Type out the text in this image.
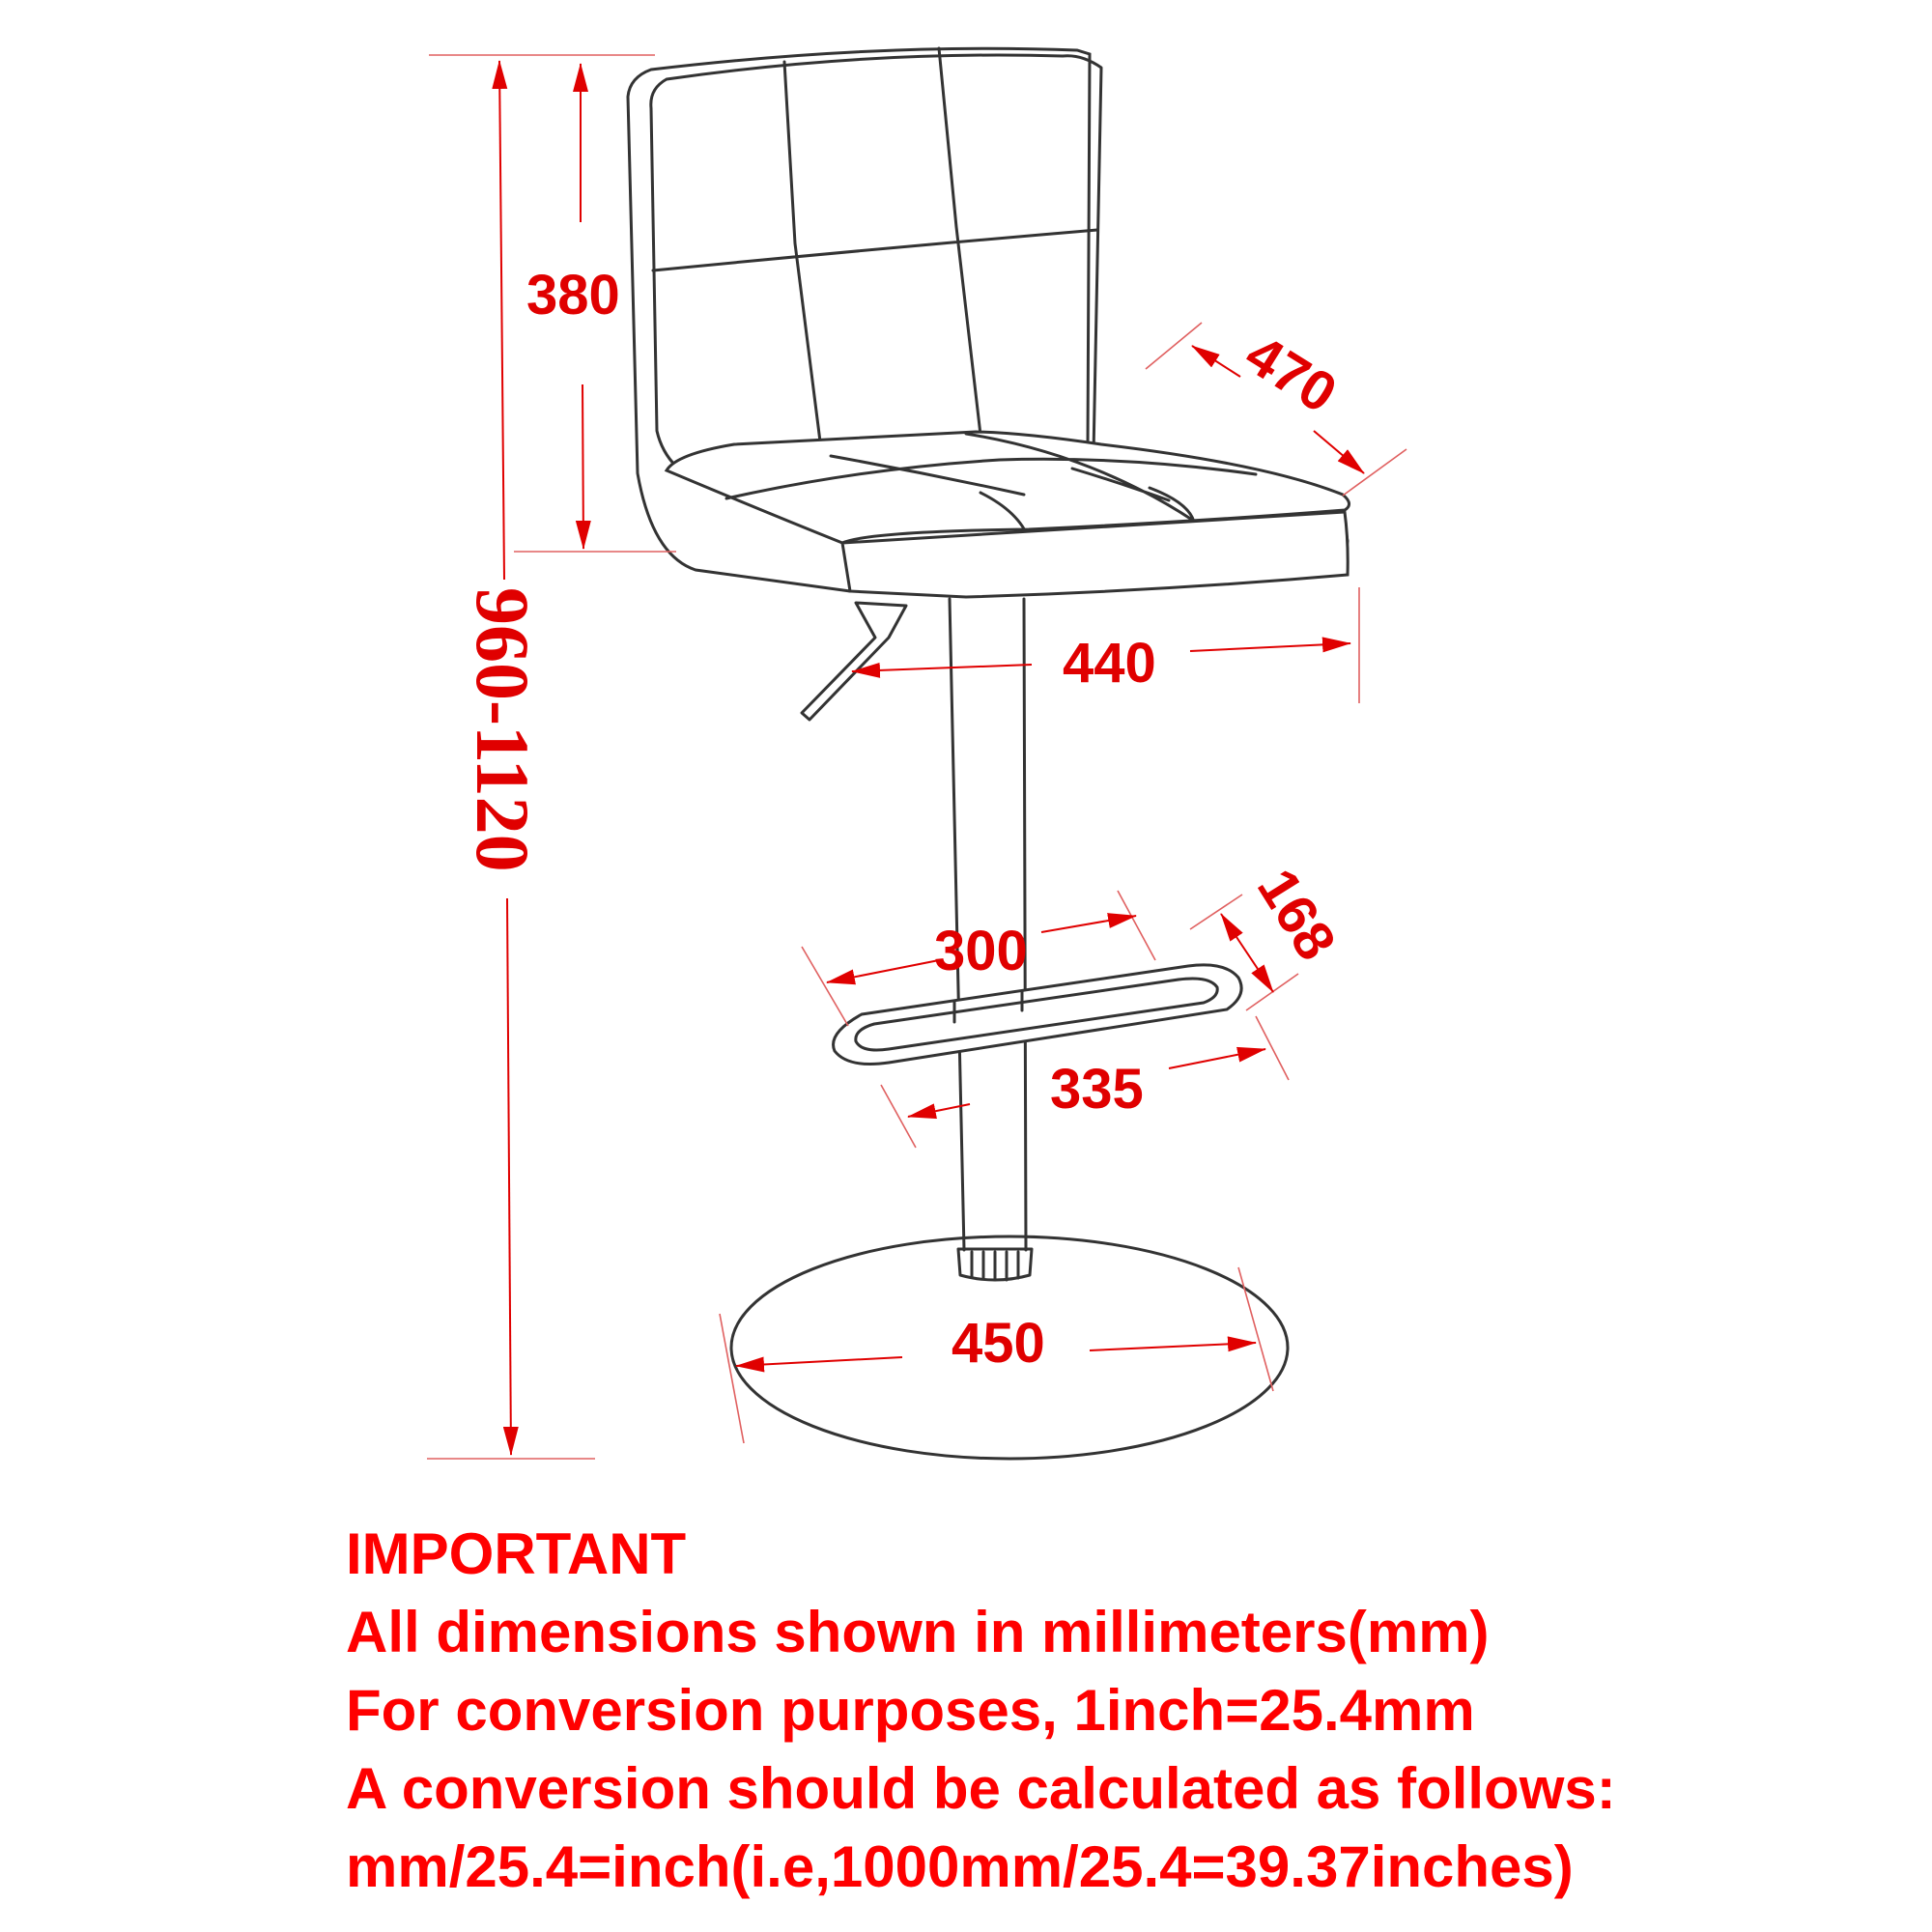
960-1120
380
470
440
300	168
335
450
IMPORTANT
All dimensions shown in millimeters(mm)
For conversion purposes, 1inch=25.4mm
A conversion should be calculated as follows:
mm/25.4=inch(i.e,1000mm/25.4=39.37inches)
